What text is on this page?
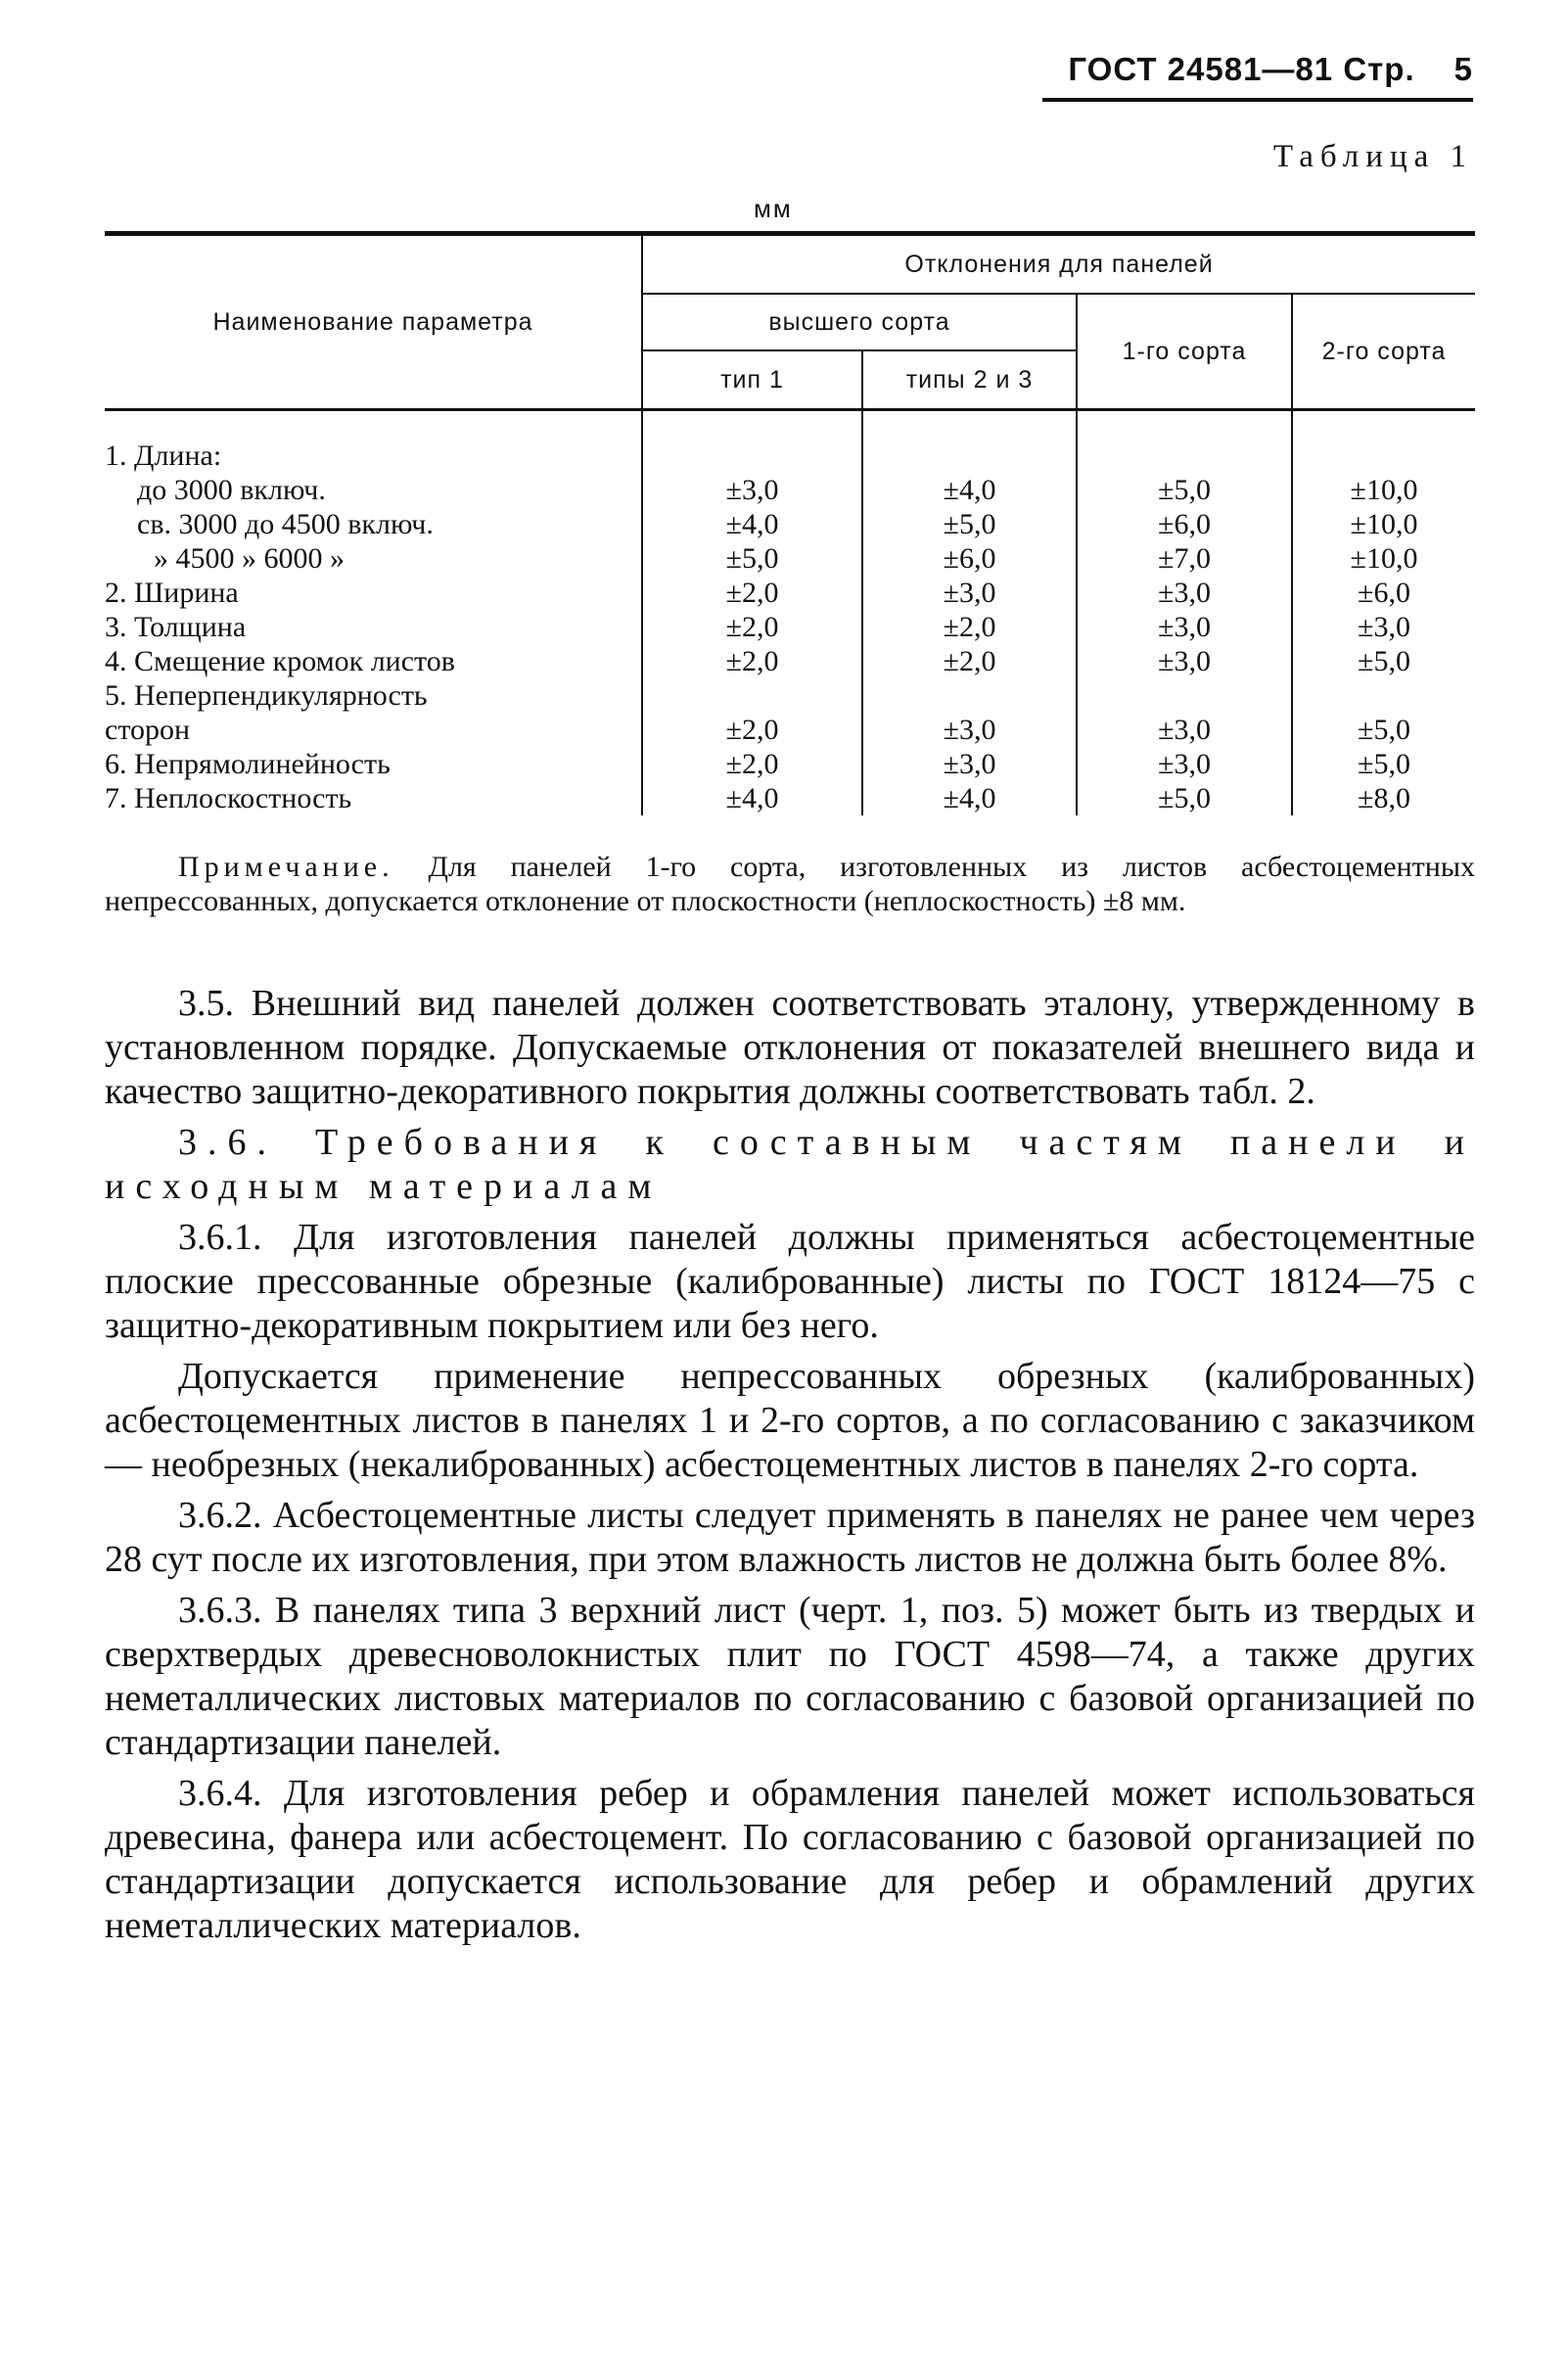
ГОСТ 24581—81 Стр. 5
Таблица 1
мм
Наименование параметра	Отклонения для панелей			
	высшего сорта		1-го сорта	2-го сорта
	тип 1	типы 2 и 3		

1. Длина:				
до 3000 включ.	±3,0	±4,0	±5,0	±10,0
св. 3000 до 4500 включ.	±4,0	±5,0	±6,0	±10,0
» 4500 » 6000 »	±5,0	±6,0	±7,0	±10,0
2. Ширина	±2,0	±3,0	±3,0	±6,0
3. Толщина	±2,0	±2,0	±3,0	±3,0
4. Смещение кромок листов	±2,0	±2,0	±3,0	±5,0
5. Неперпендикулярность				
сторон	±2,0	±3,0	±3,0	±5,0
6. Непрямолинейность	±2,0	±3,0	±3,0	±5,0
7. Неплоскостность	±4,0	±4,0	±5,0	±8,0
Примечание. Для панелей 1-го сорта, изготовленных из листов асбестоцементных непрессованных, допускается отклонение от плоскостности (неплоскостность) ±8 мм.

3.5. Внешний вид панелей должен соответствовать эталону, утвержденному в установленном порядке. Допускаемые отклонения от показателей внешнего вида и качество защитно-декоративного покрытия должны соответствовать табл. 2.

3.6. Требования к составным частям панели и исходным материалам

3.6.1. Для изготовления панелей должны применяться асбестоцементные плоские прессованные обрезные (калиброванные) листы по ГОСТ 18124—75 с защитно-декоративным покрытием или без него.

Допускается применение непрессованных обрезных (калиброванных) асбестоцементных листов в панелях 1 и 2-го сортов, а по согласованию с заказчиком — необрезных (некалиброванных) асбестоцементных листов в панелях 2-го сорта.

3.6.2. Асбестоцементные листы следует применять в панелях не ранее чем через 28 сут после их изготовления, при этом влажность листов не должна быть более 8%.

3.6.3. В панелях типа 3 верхний лист (черт. 1, поз. 5) может быть из твердых и сверхтвердых древесноволокнистых плит по ГОСТ 4598—74, а также других неметаллических листовых материалов по согласованию с базовой организацией по стандартизации панелей.

3.6.4. Для изготовления ребер и обрамления панелей может использоваться древесина, фанера или асбестоцемент. По согласованию с базовой организацией по стандартизации допускается использование для ребер и обрамлений других неметаллических материалов.
